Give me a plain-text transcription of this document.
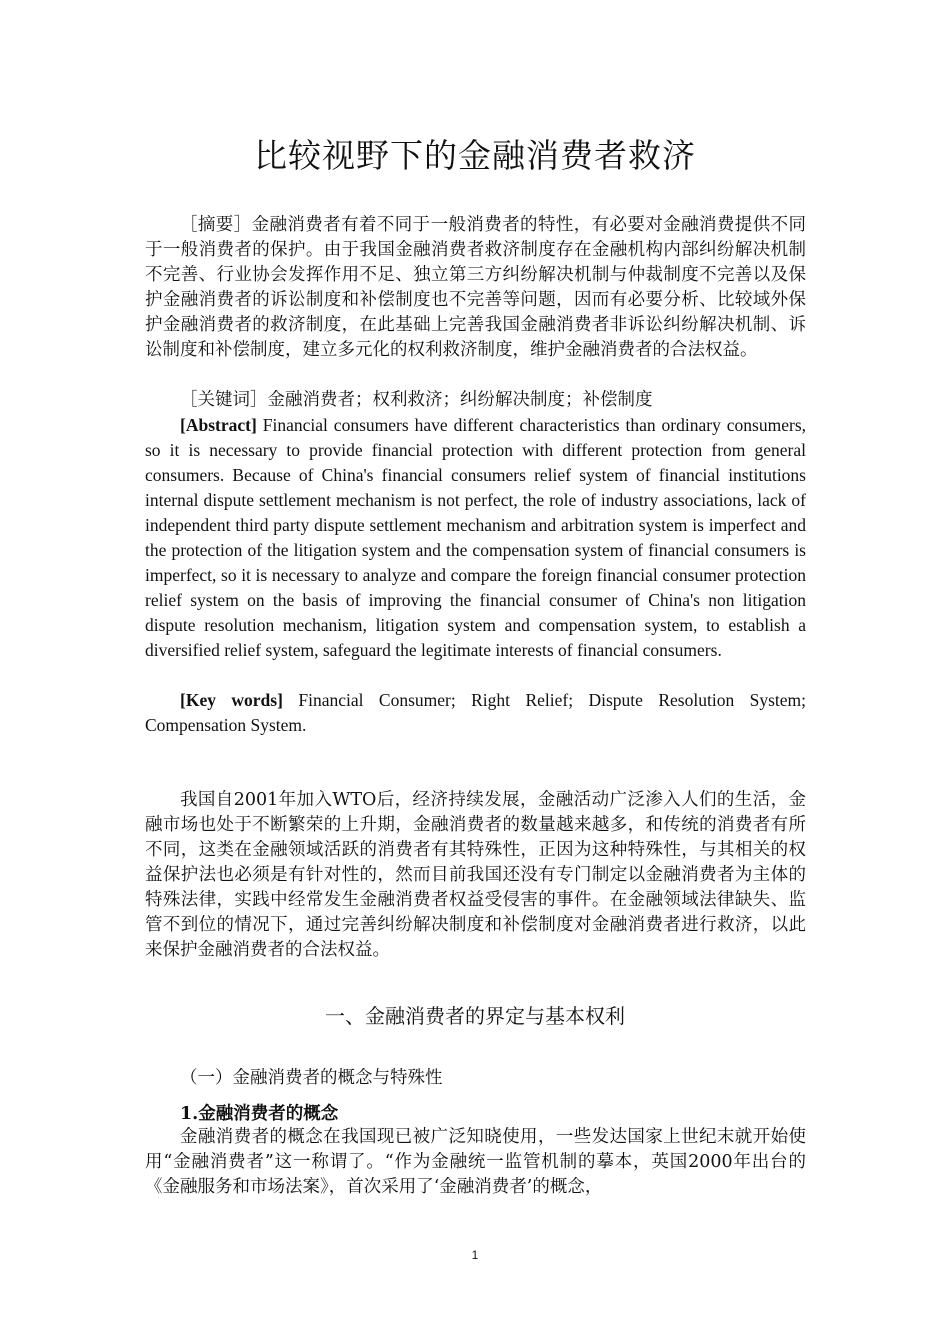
比较视野下的金融消费者救济

［摘要］金融消费者有着不同于一般消费者的特性，有必要对金融消费提供不同于一般消费者的保护。由于我国金融消费者救济制度存在金融机构内部纠纷解决机制不完善、行业协会发挥作用不足、独立第三方纠纷解决机制与仲裁制度不完善以及保护金融消费者的诉讼制度和补偿制度也不完善等问题，因而有必要分析、比较域外保护金融消费者的救济制度，在此基础上完善我国金融消费者非诉讼纠纷解决机制、诉讼制度和补偿制度，建立多元化的权利救济制度，维护金融消费者的合法权益。

［关键词］金融消费者；权利救济；纠纷解决制度；补偿制度

[Abstract] Financial consumers have different characteristics than ordinary consumers, so it is necessary to provide financial protection with different protection from general consumers. Because of China's financial consumers relief system of financial institutions internal dispute settlement mechanism is not perfect, the role of industry associations, lack of independent third party dispute settlement mechanism and arbitration system is imperfect and the protection of the litigation system and the compensation system of financial consumers is imperfect, so it is necessary to analyze and compare the foreign financial consumer protection relief system on the basis of improving the financial consumer of China's non litigation dispute resolution mechanism, litigation system and compensation system, to establish a diversified relief system, safeguard the legitimate interests of financial consumers.

[Key words] Financial Consumer; Right Relief; Dispute Resolution System; Compensation System.

我国自2001年加入WTO后，经济持续发展，金融活动广泛渗入人们的生活，金融市场也处于不断繁荣的上升期，金融消费者的数量越来越多，和传统的消费者有所不同，这类在金融领域活跃的消费者有其特殊性，正因为这种特殊性，与其相关的权益保护法也必须是有针对性的，然而目前我国还没有专门制定以金融消费者为主体的特殊法律，实践中经常发生金融消费者权益受侵害的事件。在金融领域法律缺失、监管不到位的情况下，通过完善纠纷解决制度和补偿制度对金融消费者进行救济，以此来保护金融消费者的合法权益。

一、金融消费者的界定与基本权利
（一）金融消费者的概念与特殊性
1.金融消费者的概念

金融消费者的概念在我国现已被广泛知晓使用，一些发达国家上世纪末就开始使用“金融消费者”这一称谓了。“作为金融统一监管机制的摹本，英国2000年出台的《金融服务和市场法案》，首次采用了‘金融消费者’的概念，

1
